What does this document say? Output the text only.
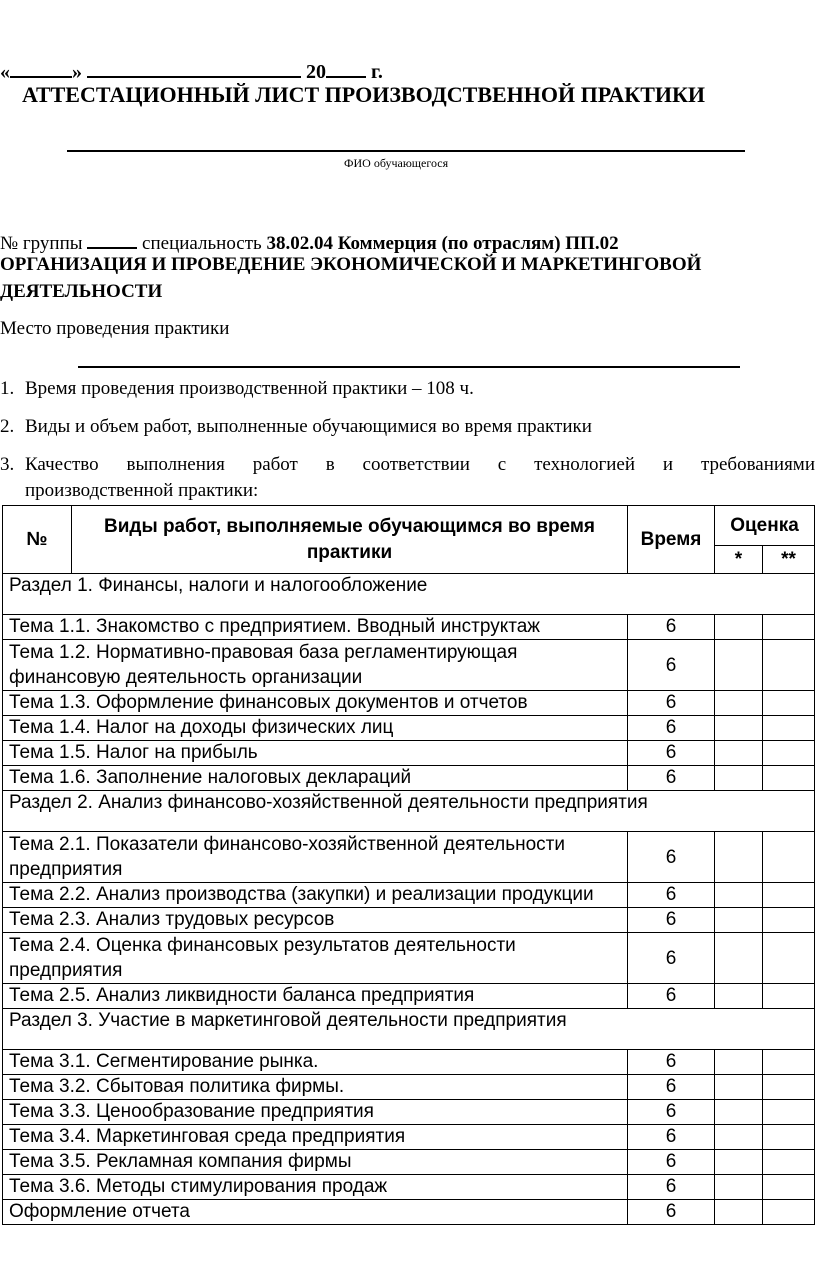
«	»	20 г.
АТТЕСТАЦИОННЫЙ ЛИСТ ПРОИЗВОДСТВЕННОЙ ПРАКТИКИ
ФИО обучающегося
№ группы	специальность 38.02.04 Коммерция (по отраслям) ПП.02
ОРГАНИЗАЦИЯ И ПРОВЕДЕНИЕ ЭКОНОМИЧЕСКОЙ И МАРКЕТИНГОВОЙ
ДЕЯТЕЛЬНОСТИ
Место проведения практики
1. Время проведения производственной практики – 108 ч.
2. Виды и объем работ, выполненные обучающимися во время практики
3. Качество выполнения работ в соответствии с технологией и требованиями
производственной практики:
№	Виды работ, выполняемые обучающимся во время практики	Время	Оценка	
			*	**
Раздел 1. Финансы, налоги и налогообложение				
Тема 1.1. Знакомство с предприятием. Вводный инструктаж		6		
Тема 1.2. Нормативно-правовая база регламентирующая финансовую деятельность организации		6		
Тема 1.3. Оформление финансовых документов и отчетов		6		
Тема 1.4. Налог на доходы физических лиц		6		
Тема 1.5. Налог на прибыль		6		
Тема 1.6. Заполнение налоговых деклараций		6		
Раздел 2. Анализ финансово-хозяйственной деятельности предприятия				
Тема 2.1. Показатели финансово-хозяйственной деятельности предприятия		6		
Тема 2.2. Анализ производства (закупки) и реализации продукции		6		
Тема 2.3. Анализ трудовых ресурсов		6		
Тема 2.4. Оценка финансовых результатов деятельности предприятия		6		
Тема 2.5. Анализ ликвидности баланса предприятия		6		
Раздел 3. Участие в маркетинговой деятельности предприятия				
Тема 3.1. Сегментирование рынка.		6		
Тема 3.2. Сбытовая политика фирмы.		6		
Тема 3.3. Ценообразование предприятия		6		
Тема 3.4. Маркетинговая среда предприятия		6		
Тема 3.5. Рекламная компания фирмы		6		
Тема 3.6. Методы стимулирования продаж		6		
Оформление отчета		6		
